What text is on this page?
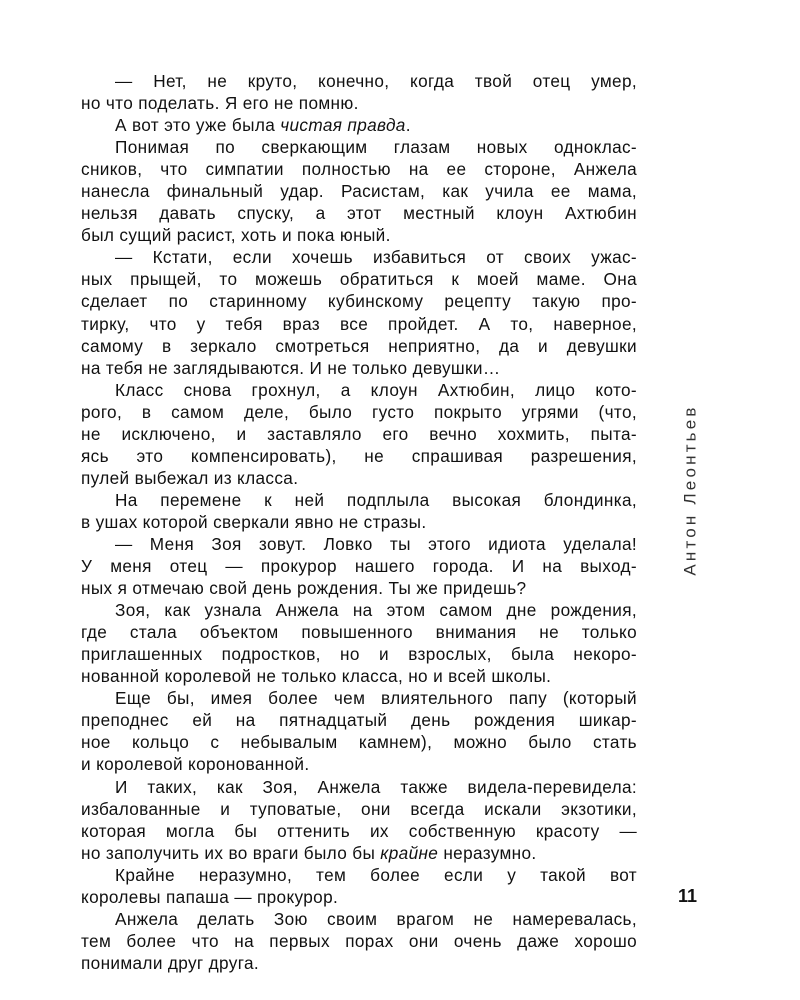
— Нет, не круто, конечно, когда твой отец умер,
но что поделать. Я его не помню.
А вот это уже была чистая правда.
Понимая по сверкающим глазам новых одноклас-
сников, что симпатии полностью на ее стороне, Анжела
нанесла финальный удар. Расистам, как учила ее мама,
нельзя давать спуску, а этот местный клоун Ахтюбин
был сущий расист, хоть и пока юный.
— Кстати, если хочешь избавиться от своих ужас-
ных прыщей, то можешь обратиться к моей маме. Она
сделает по старинному кубинскому рецепту такую про-
тирку, что у тебя враз все пройдет. А то, наверное,
самому в зеркало смотреться неприятно, да и девушки
на тебя не заглядываются. И не только девушки…
Класс снова грохнул, а клоун Ахтюбин, лицо кото-
рого, в самом деле, было густо покрыто угрями (что,
не исключено, и заставляло его вечно хохмить, пыта-
ясь это компенсировать), не спрашивая разрешения,
пулей выбежал из класса.
На перемене к ней подплыла высокая блондинка,
в ушах которой сверкали явно не стразы.
— Меня Зоя зовут. Ловко ты этого идиота уделала!
У меня отец — прокурор нашего города. И на выход-
ных я отмечаю свой день рождения. Ты же придешь?
Зоя, как узнала Анжела на этом самом дне рождения,
где стала объектом повышенного внимания не только
приглашенных подростков, но и взрослых, была некоро-
нованной королевой не только класса, но и всей школы.
Еще бы, имея более чем влиятельного папу (который
преподнес ей на пятнадцатый день рождения шикар-
ное кольцо с небывалым камнем), можно было стать
и королевой коронованной.
И таких, как Зоя, Анжела также видела-перевидела:
избалованные и туповатые, они всегда искали экзотики,
которая могла бы оттенить их собственную красоту —
но заполучить их во враги было бы крайне неразумно.
Крайне неразумно, тем более если у такой вот
королевы папаша — прокурор.
Анжела делать Зою своим врагом не намеревалась,
тем более что на первых порах они очень даже хорошо
понимали друг друга.
Антон Леонтьев
11
